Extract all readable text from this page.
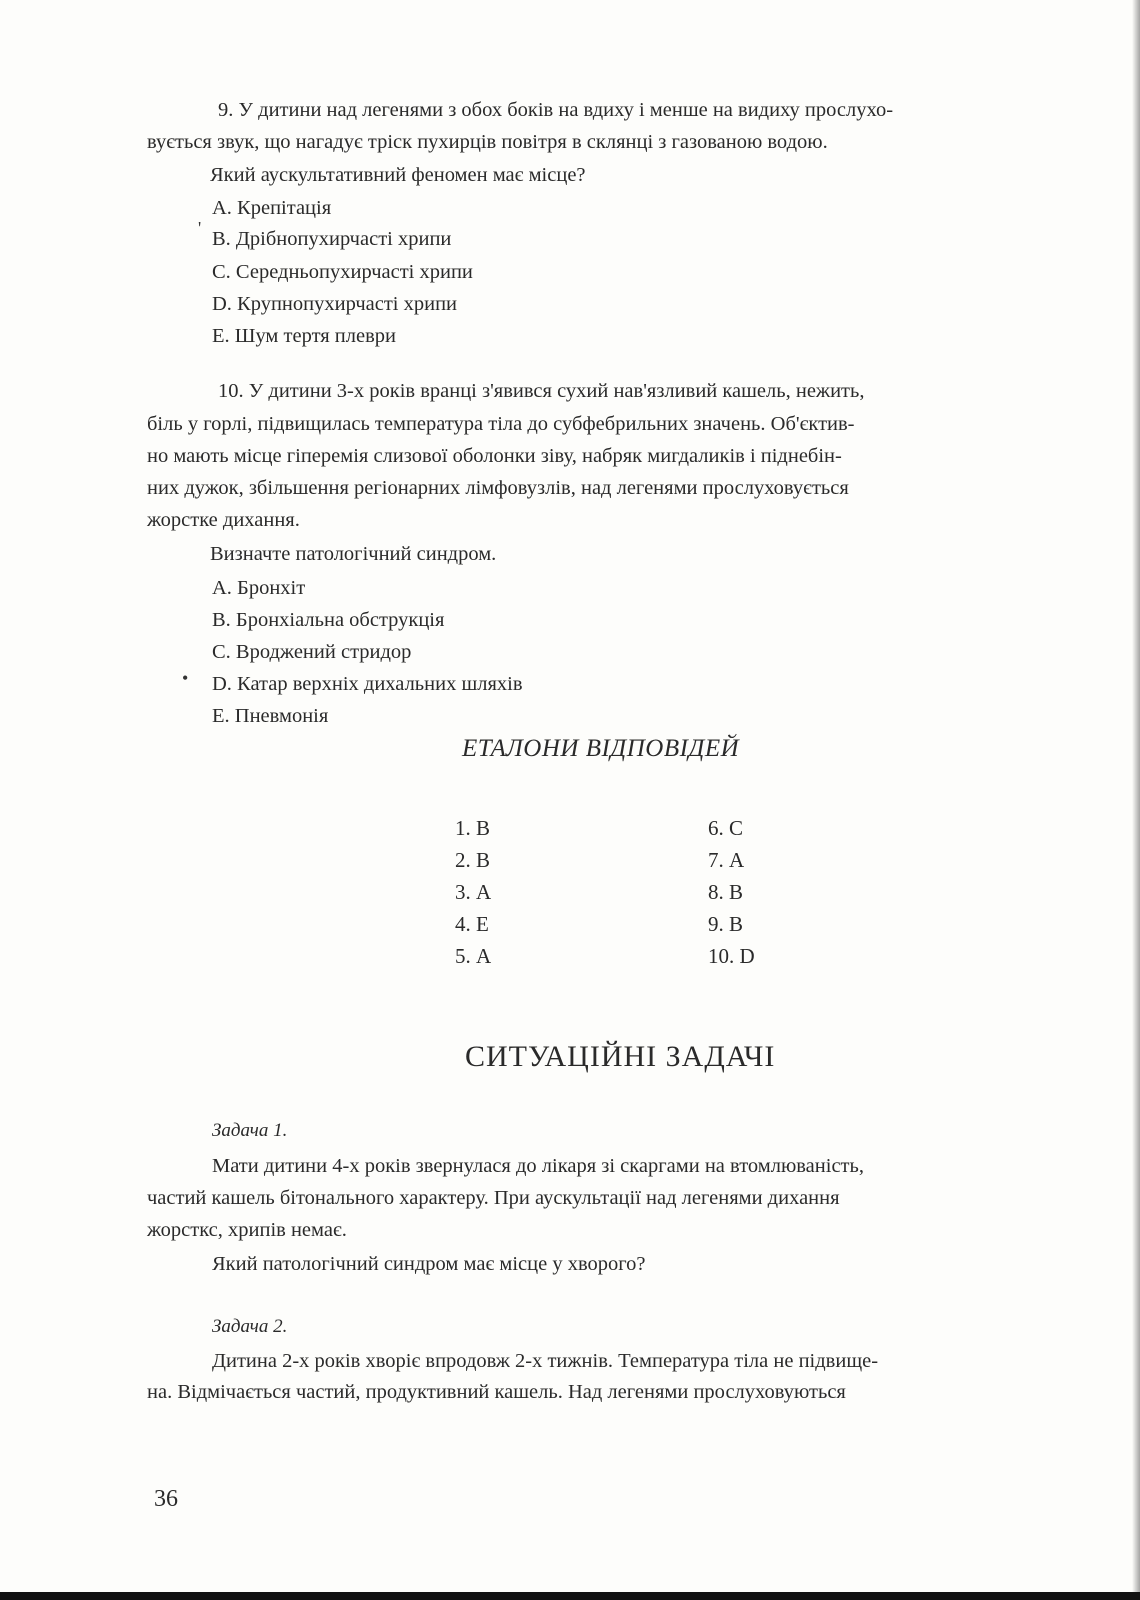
9. У дитини над легенями з обох боків на вдиху і менше на видиху прослухо-
вується звук, що нагадує тріск пухирців повітря в склянці з газованою водою.
Який аускультативний феномен має місце?
А. Крепітація
' В. Дрібнопухирчасті хрипи
С. Середньопухирчасті хрипи
D. Крупнопухирчасті хрипи
Е. Шум тертя плеври
10. У дитини 3-х років вранці з'явився сухий нав'язливий кашель, нежить,
біль у горлі, підвищилась температура тіла до субфебрильних значень. Об'єктив-
но мають місце гіперемія слизової оболонки зіву, набряк мигдаликів і піднебін-
них дужок, збільшення регіонарних лімфовузлів, над легенями прослуховується
жорстке дихання.
Визначте патологічний синдром.
А. Бронхіт
В. Бронхіальна обструкція
С. Вроджений стридор
• D. Катар верхніх дихальних шляхів
Е. Пневмонія
ЕТАЛОНИ ВІДПОВІДЕЙ
1. В
2. В
3. А
4. Е
5. А
6. С
7. А
8. В
9. В
10. D
СИТУАЦІЙНІ ЗАДАЧІ
Задача 1.
Мати дитини 4-х років звернулася до лікаря зі скаргами на втомлюваність,
частий кашель бітонального характеру. При аускультації над легенями дихання
жорсткс, хрипів немає.
Який патологічний синдром має місце у хворого?
Задача 2.
Дитина 2-х років хворіє впродовж 2-х тижнів. Температура тіла не підвище-
на. Відмічається частий, продуктивний кашель. Над легенями прослуховуються
36
